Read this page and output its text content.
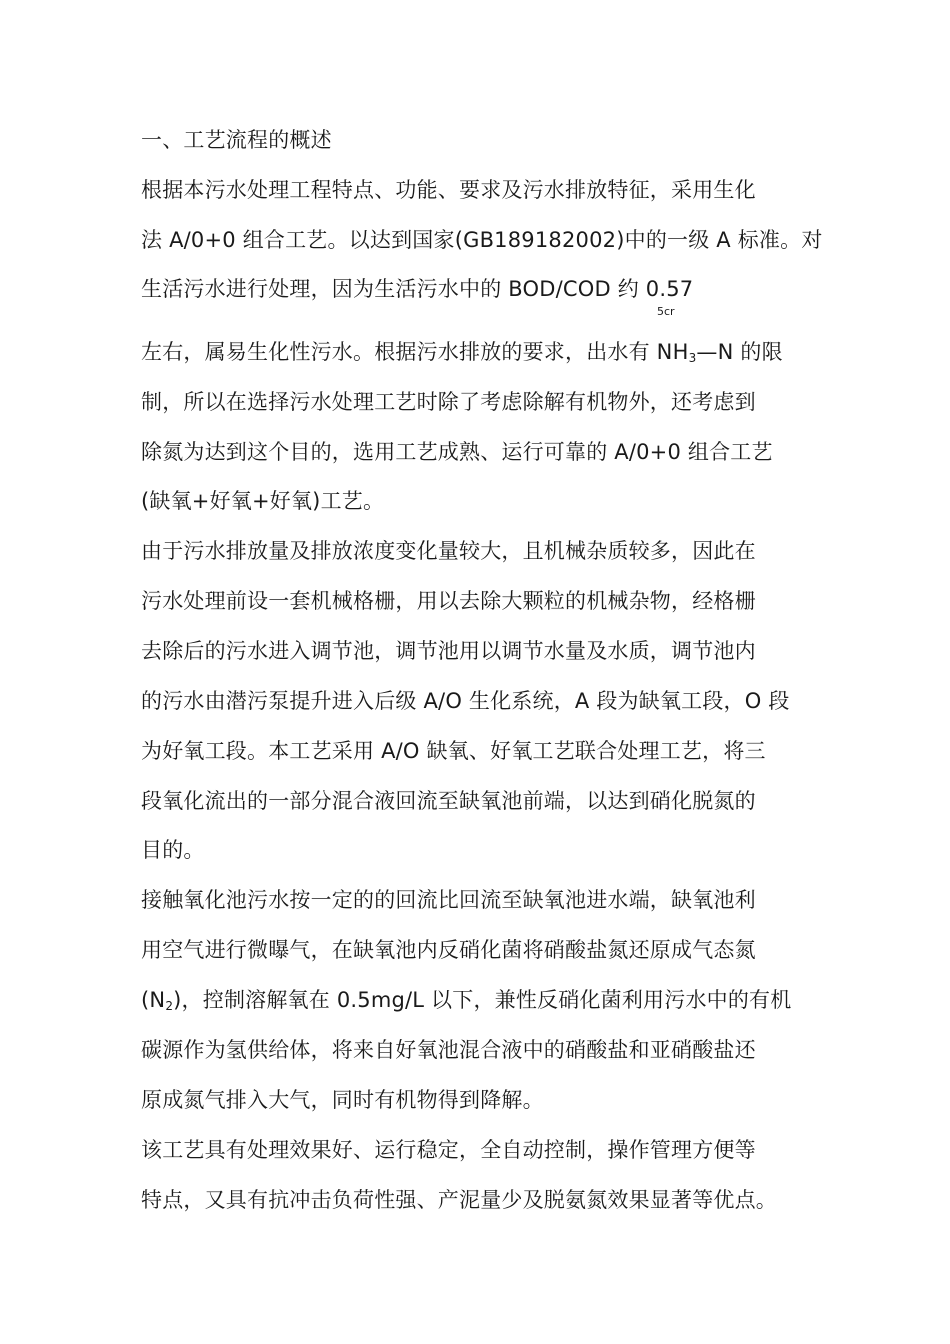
一、工艺流程的概述
根据本污水处理工程特点、功能、要求及污水排放特征，采用生化
法 A/0+0 组合工艺。以达到国家(GB189182002)中的一级 A 标准。对
生活污水进行处理，因为生活污水中的 BOD/COD 约 0.57
5cr
左右，属易生化性污水。根据污水排放的要求，出水有 $NH_3—N$ 的限
制，所以在选择污水处理工艺时除了考虑除解有机物外，还考虑到
除氮为达到这个目的，选用工艺成熟、运行可靠的 A/0+0 组合工艺
(缺氧+好氧+好氧)工艺。
由于污水排放量及排放浓度变化量较大，且机械杂质较多，因此在
污水处理前设一套机械格栅，用以去除大颗粒的机械杂物，经格栅
去除后的污水进入调节池，调节池用以调节水量及水质，调节池内
的污水由潜污泵提升进入后级 A/O 生化系统，A 段为缺氧工段，O 段
为好氧工段。本工艺采用 A/O 缺氧、好氧工艺联合处理工艺，将三
段氧化流出的一部分混合液回流至缺氧池前端，以达到硝化脱氮的
目的。
接触氧化池污水按一定的的回流比回流至缺氧池进水端，缺氧池利
用空气进行微曝气，在缺氧池内反硝化菌将硝酸盐氮还原成气态氮
$(N_2)$，控制溶解氧在 0.5mg/L 以下，兼性反硝化菌利用污水中的有机
碳源作为氢供给体，将来自好氧池混合液中的硝酸盐和亚硝酸盐还
原成氮气排入大气，同时有机物得到降解。
该工艺具有处理效果好、运行稳定，全自动控制，操作管理方便等
特点，又具有抗冲击负荷性强、产泥量少及脱氨氮效果显著等优点。
